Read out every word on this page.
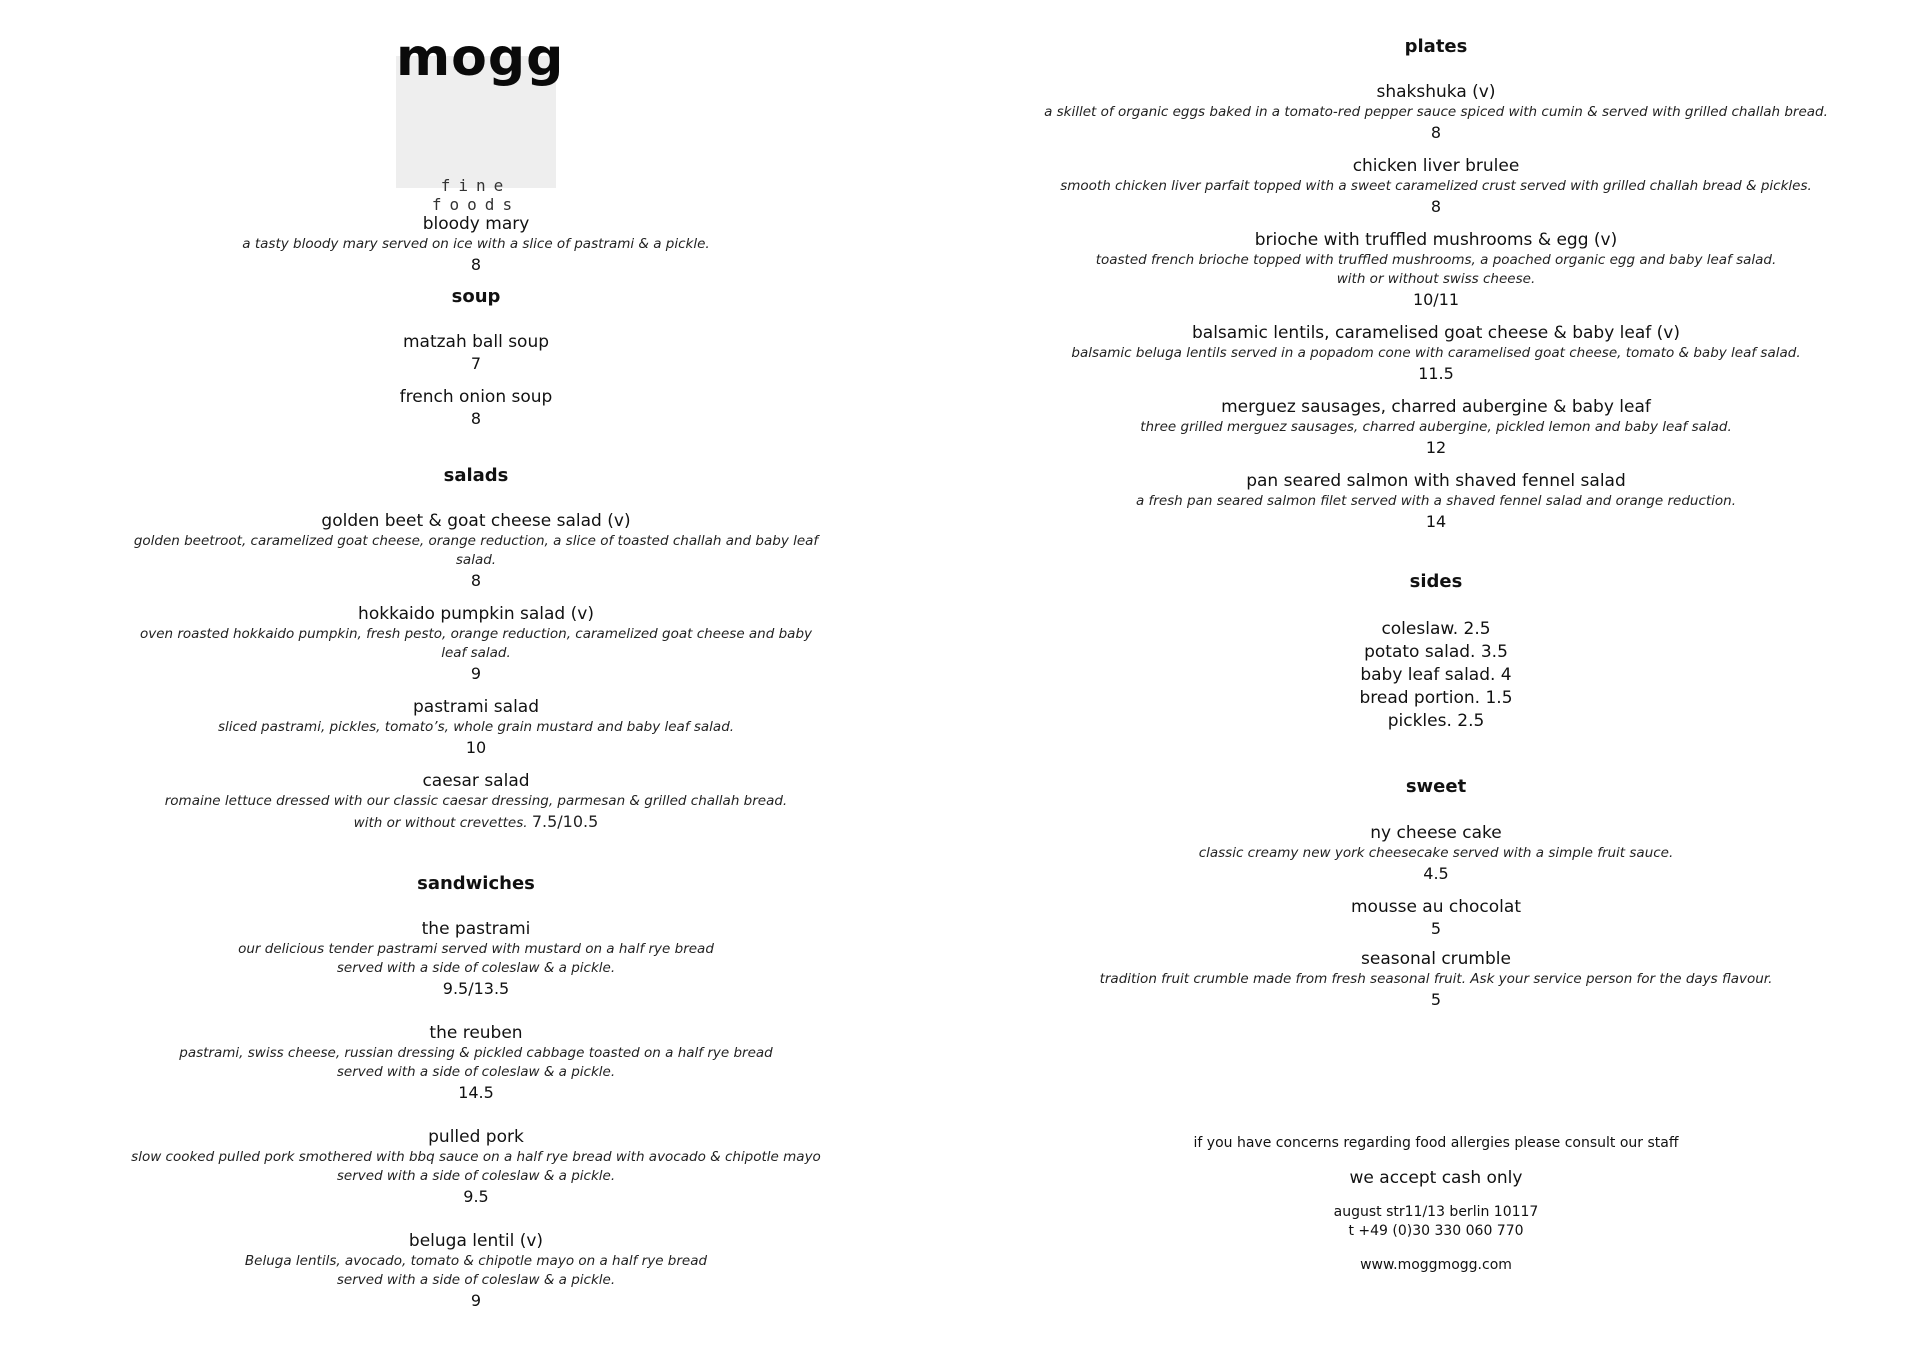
mogg
fine foods
bloody mary
a tasty bloody mary served on ice with a slice of pastrami & a pickle.
8
soup
matzah ball soup
7
french onion soup
8
salads
golden beet & goat cheese salad (v)
golden beetroot, caramelized goat cheese, orange reduction, a slice of toasted challah and baby leaf salad.
8
hokkaido pumpkin salad (v)
oven roasted hokkaido pumpkin, fresh pesto, orange reduction, caramelized goat cheese and baby leaf salad.
9
pastrami salad
sliced pastrami, pickles, tomato’s, whole grain mustard and baby leaf salad.
10
caesar salad
romaine lettuce dressed with our classic caesar dressing, parmesan & grilled challah bread.
with or without crevettes. 7.5/10.5
sandwiches
the pastrami
our delicious tender pastrami served with mustard on a half rye bread
served with a side of coleslaw & a pickle.
9.5/13.5
the reuben
pastrami, swiss cheese, russian dressing & pickled cabbage toasted on a half rye bread
served with a side of coleslaw & a pickle.
14.5
pulled pork
slow cooked pulled pork smothered with bbq sauce on a half rye bread with avocado & chipotle mayo
served with a side of coleslaw & a pickle.
9.5
beluga lentil (v)
Beluga lentils, avocado, tomato & chipotle mayo on a half rye bread
served with a side of coleslaw & a pickle.
9
plates
shakshuka (v)
a skillet of organic eggs baked in a tomato-red pepper sauce spiced with cumin & served with grilled challah bread.
8
chicken liver brulee
smooth chicken liver parfait topped with a sweet caramelized crust served with grilled challah bread & pickles.
8
brioche with truffled mushrooms & egg (v)
toasted french brioche topped with truffled mushrooms, a poached organic egg and baby leaf salad.
with or without swiss cheese.
10/11
balsamic lentils, caramelised goat cheese & baby leaf (v)
balsamic beluga lentils served in a popadom cone with caramelised goat cheese, tomato & baby leaf salad.
11.5
merguez sausages, charred aubergine & baby leaf
three grilled merguez sausages, charred aubergine, pickled lemon and baby leaf salad.
12
pan seared salmon with shaved fennel salad
a fresh pan seared salmon filet served with a shaved fennel salad and orange reduction.
14
sides
coleslaw. 2.5
potato salad. 3.5
baby leaf salad. 4
bread portion. 1.5
pickles. 2.5
sweet
ny cheese cake
classic creamy new york cheesecake served with a simple fruit sauce.
4.5
mousse au chocolat
5
seasonal crumble
tradition fruit crumble made from fresh seasonal fruit. Ask your service person for the days flavour.
5
if you have concerns regarding food allergies please consult our staff
we accept cash only
august str11/13 berlin 10117
t +49 (0)30 330 060 770
www.moggmogg.com
